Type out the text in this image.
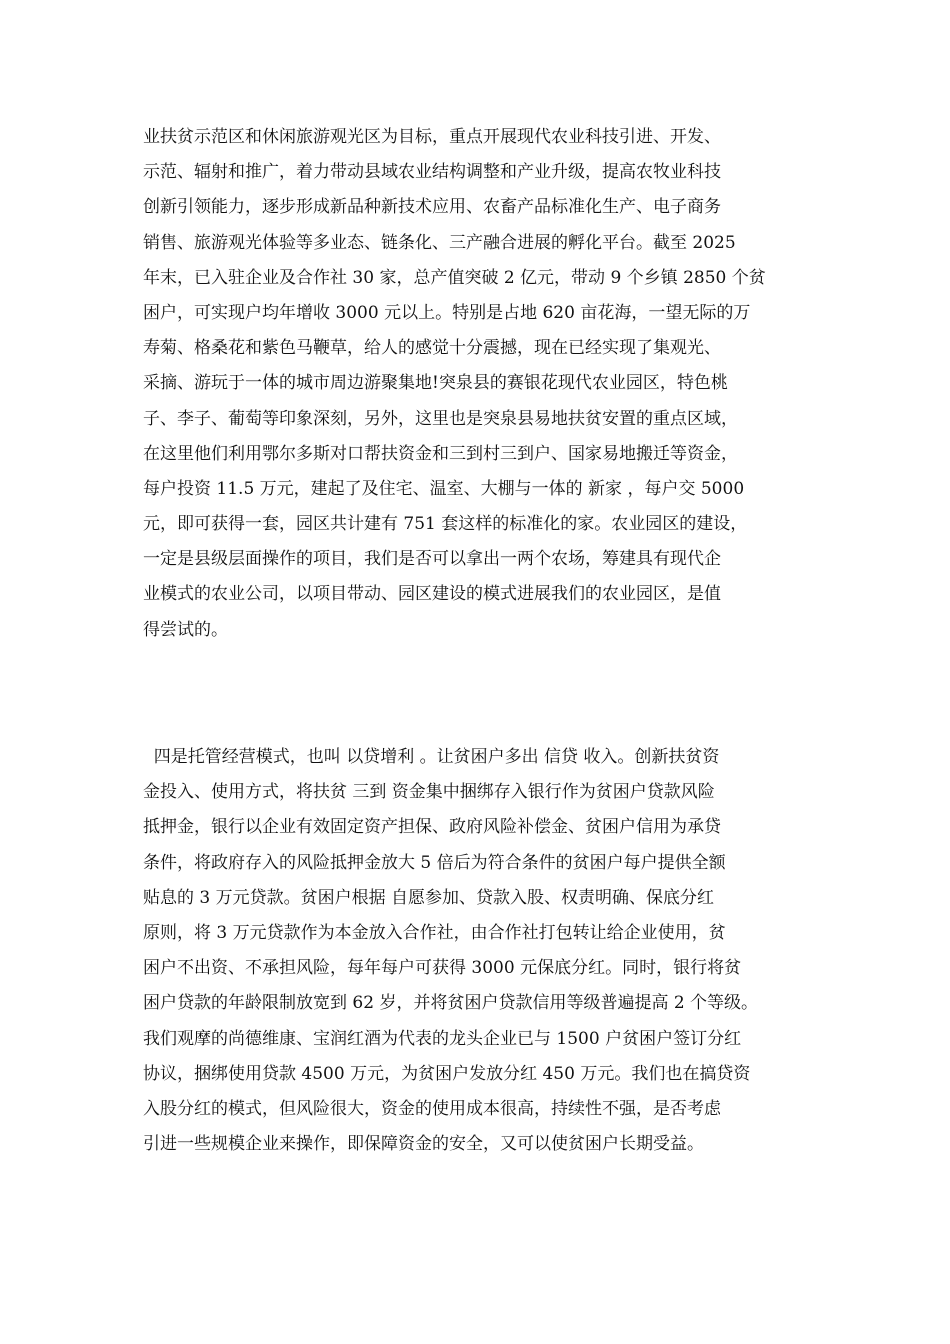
业扶贫示范区和休闲旅游观光区为目标，重点开展现代农业科技引进、开发、
示范、辐射和推广，着力带动县域农业结构调整和产业升级，提高农牧业科技
创新引领能力，逐步形成新品种新技术应用、农畜产品标准化生产、电子商务
销售、旅游观光体验等多业态、链条化、三产融合进展的孵化平台。截至 2025
年末，已入驻企业及合作社 30 家，总产值突破 2 亿元，带动 9 个乡镇 2850 个贫
困户，可实现户均年增收 3000 元以上。特别是占地 620 亩花海，一望无际的万
寿菊、格桑花和紫色马鞭草，给人的感觉十分震撼，现在已经实现了集观光、
采摘、游玩于一体的城市周边游聚集地!突泉县的赛银花现代农业园区，特色桃
子、李子、葡萄等印象深刻，另外，这里也是突泉县易地扶贫安置的重点区域，
在这里他们利用鄂尔多斯对口帮扶资金和三到村三到户、国家易地搬迁等资金，
每户投资 11.5 万元，建起了及住宅、温室、大棚与一体的 新家 ，每户交 5000
元，即可获得一套，园区共计建有 751 套这样的标准化的家。农业园区的建设，
一定是县级层面操作的项目，我们是否可以拿出一两个农场，筹建具有现代企
业模式的农业公司，以项目带动、园区建设的模式进展我们的农业园区，是值
得尝试的。
四是托管经营模式，也叫 以贷增利 。让贫困户多出 信贷 收入。创新扶贫资
金投入、使用方式，将扶贫 三到 资金集中捆绑存入银行作为贫困户贷款风险
抵押金，银行以企业有效固定资产担保、政府风险补偿金、贫困户信用为承贷
条件，将政府存入的风险抵押金放大 5 倍后为符合条件的贫困户每户提供全额
贴息的 3 万元贷款。贫困户根据 自愿参加、贷款入股、权责明确、保底分红
原则，将 3 万元贷款作为本金放入合作社，由合作社打包转让给企业使用，贫
困户不出资、不承担风险，每年每户可获得 3000 元保底分红。同时，银行将贫
困户贷款的年龄限制放宽到 62 岁，并将贫困户贷款信用等级普遍提高 2 个等级。
我们观摩的尚德维康、宝润红酒为代表的龙头企业已与 1500 户贫困户签订分红
协议，捆绑使用贷款 4500 万元，为贫困户发放分红 450 万元。我们也在搞贷资
入股分红的模式，但风险很大，资金的使用成本很高，持续性不强，是否考虑
引进一些规模企业来操作，即保障资金的安全，又可以使贫困户长期受益。
